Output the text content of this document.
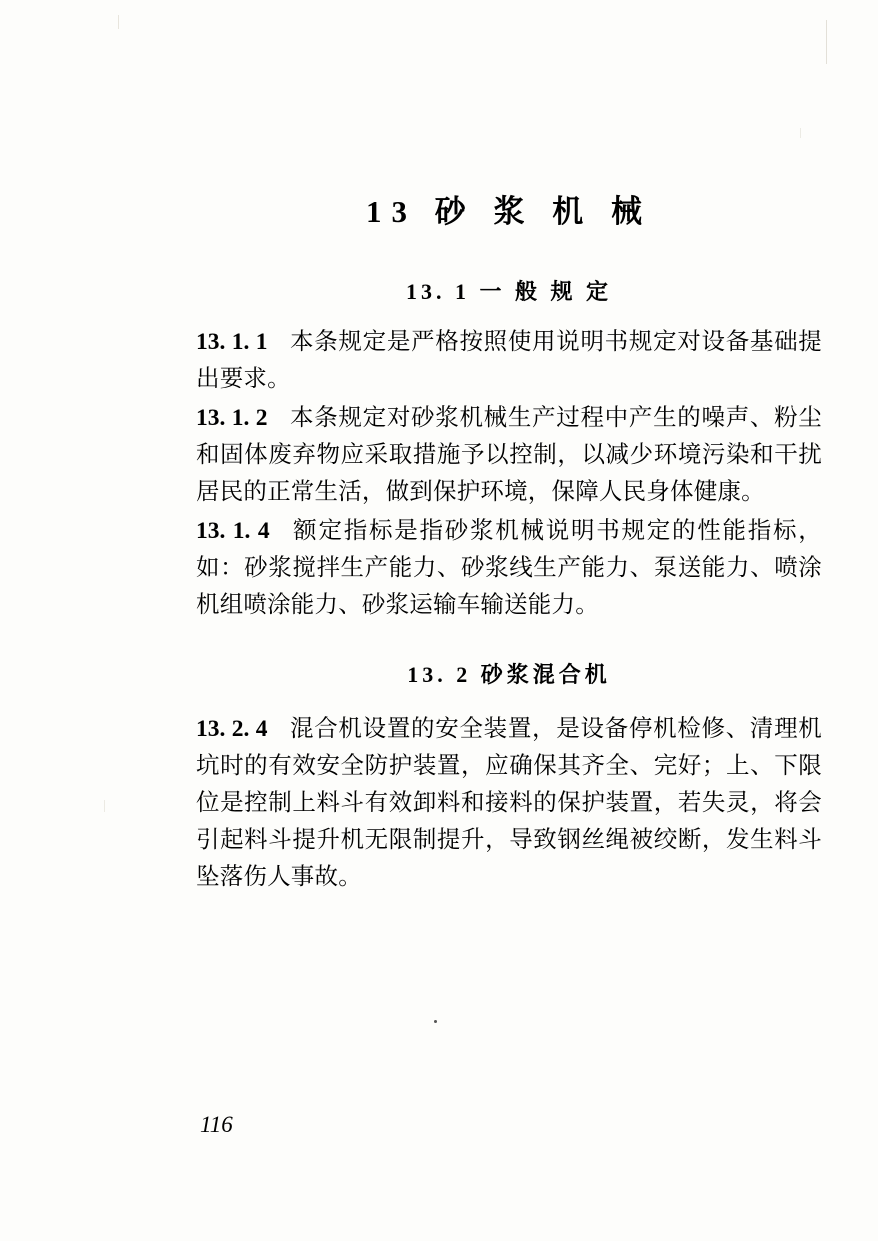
13 砂 浆 机 械
13. 1 一 般 规 定

13. 1. 1 本条规定是严格按照使用说明书规定对设备基础提出要求。

13. 1. 2 本条规定对砂浆机械生产过程中产生的噪声、粉尘和固体废弃物应采取措施予以控制，以减少环境污染和干扰居民的正常生活，做到保护环境，保障人民身体健康。

13. 1. 4 额定指标是指砂浆机械说明书规定的性能指标，如：砂浆搅拌生产能力、砂浆线生产能力、泵送能力、喷涂机组喷涂能力、砂浆运输车输送能力。

13. 2 砂浆混合机

13. 2. 4 混合机设置的安全装置，是设备停机检修、清理机坑时的有效安全防护装置，应确保其齐全、完好；上、下限位是控制上料斗有效卸料和接料的保护装置，若失灵，将会引起料斗提升机无限制提升，导致钢丝绳被绞断，发生料斗坠落伤人事故。

116
